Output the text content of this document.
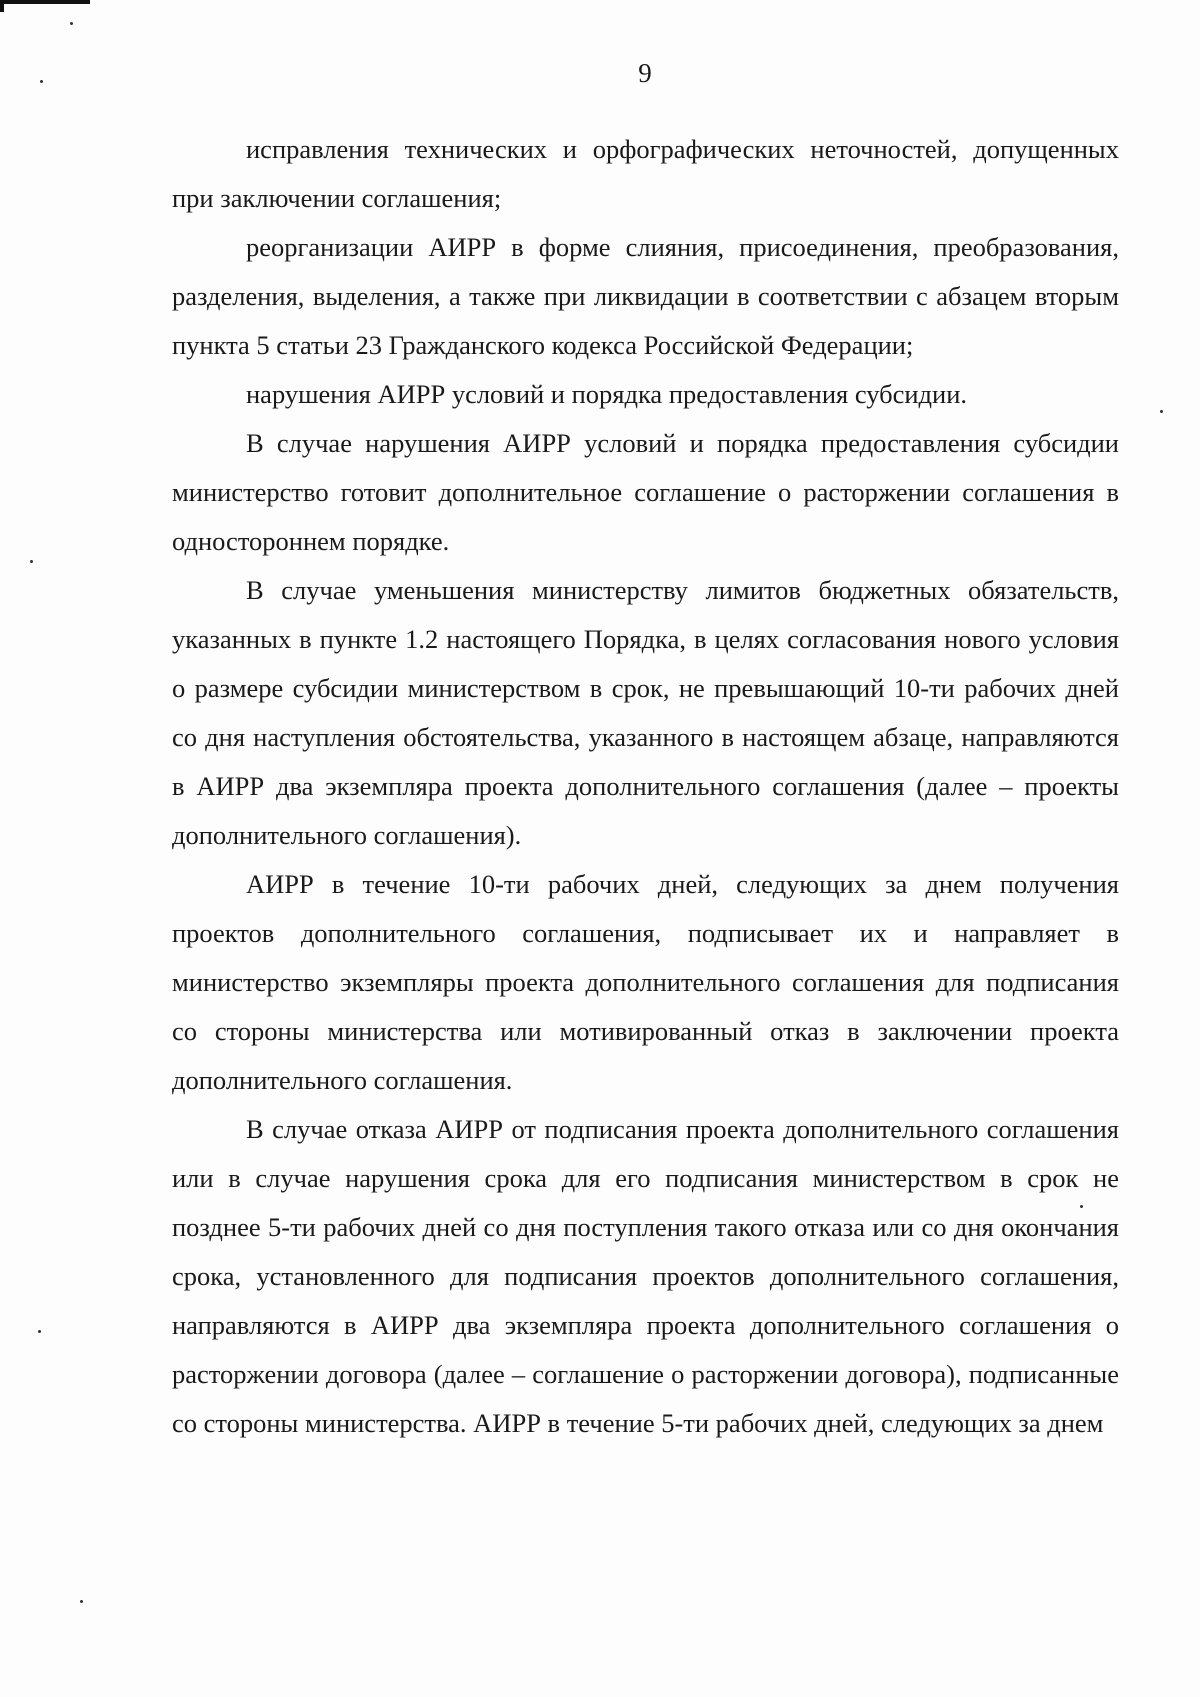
9

исправления технических и орфографических неточностей, допущенных при заключении соглашения;

реорганизации АИРР в форме слияния, присоединения, преобразования, разделения, выделения, а также при ликвидации в соответствии с абзацем вторым пункта 5 статьи 23 Гражданского кодекса Российской Федерации;

нарушения АИРР условий и порядка предоставления субсидии.

В случае нарушения АИРР условий и порядка предоставления субсидии министерство готовит дополнительное соглашение о расторжении соглашения в одностороннем порядке.

В случае уменьшения министерству лимитов бюджетных обязательств, указанных в пункте 1.2 настоящего Порядка, в целях согласования нового условия о размере субсидии министерством в срок, не превышающий 10-ти рабочих дней со дня наступления обстоятельства, указанного в настоящем абзаце, направляются в АИРР два экземпляра проекта дополнительного соглашения (далее – проекты дополнительного соглашения).

АИРР в течение 10-ти рабочих дней, следующих за днем получения проектов дополнительного соглашения, подписывает их и направляет в министерство экземпляры проекта дополнительного соглашения для подписания со стороны министерства или мотивированный отказ в заключении проекта дополнительного соглашения.

В случае отказа АИРР от подписания проекта дополнительного соглашения или в случае нарушения срока для его подписания министерством в срок не позднее 5-ти рабочих дней со дня поступления такого отказа или со дня окончания срока, установленного для подписания проектов дополнительного соглашения, направляются в АИРР два экземпляра проекта дополнительного соглашения о расторжении договора (далее – соглашение о расторжении договора), подписанные со стороны министерства. АИРР в течение 5-ти рабочих дней, следующих за днем
